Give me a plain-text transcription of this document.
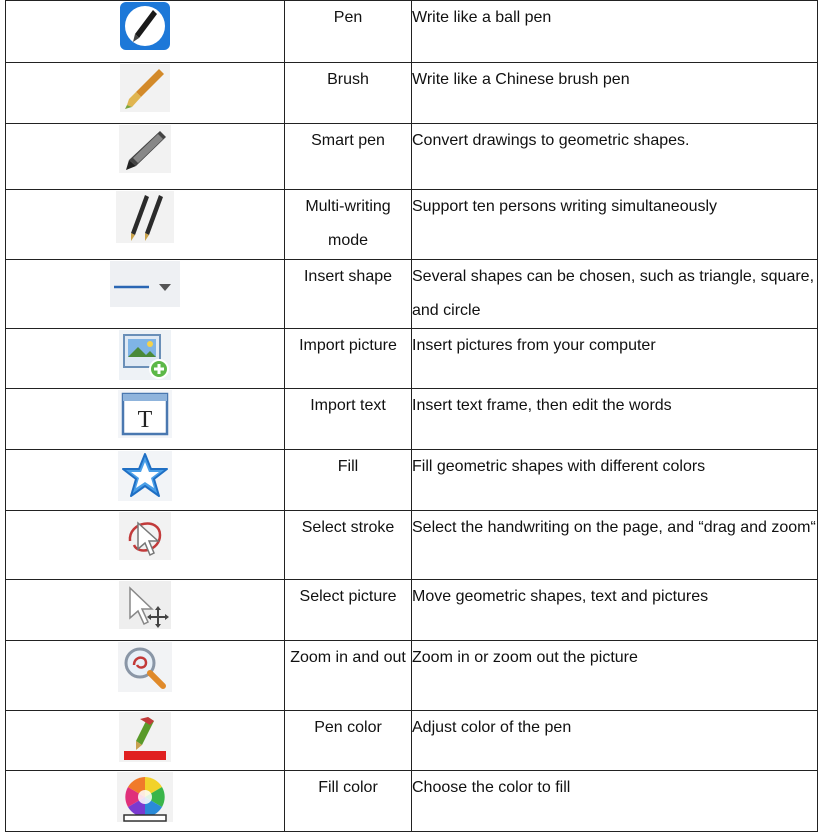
	Pen	Write like a ball pen

	Brush	Write like a Chinese brush pen

	Smart pen	Convert drawings to geometric shapes.

	Multi-writing mode	Support ten persons writing simultaneously

	Insert shape	Several shapes can be chosen, such as triangle, square, and circle

	Import picture	Insert pictures from your computer

T	Import text	Insert text frame, then edit the words

	Fill	Fill geometric shapes with different colors

	Select stroke	Select the handwriting on the page, and “drag and zoom“

	Select picture	Move geometric shapes, text and pictures

	Zoom in and out	Zoom in or zoom out the picture

	Pen color	Adjust color of the pen

	Fill color	Choose the color to fill
